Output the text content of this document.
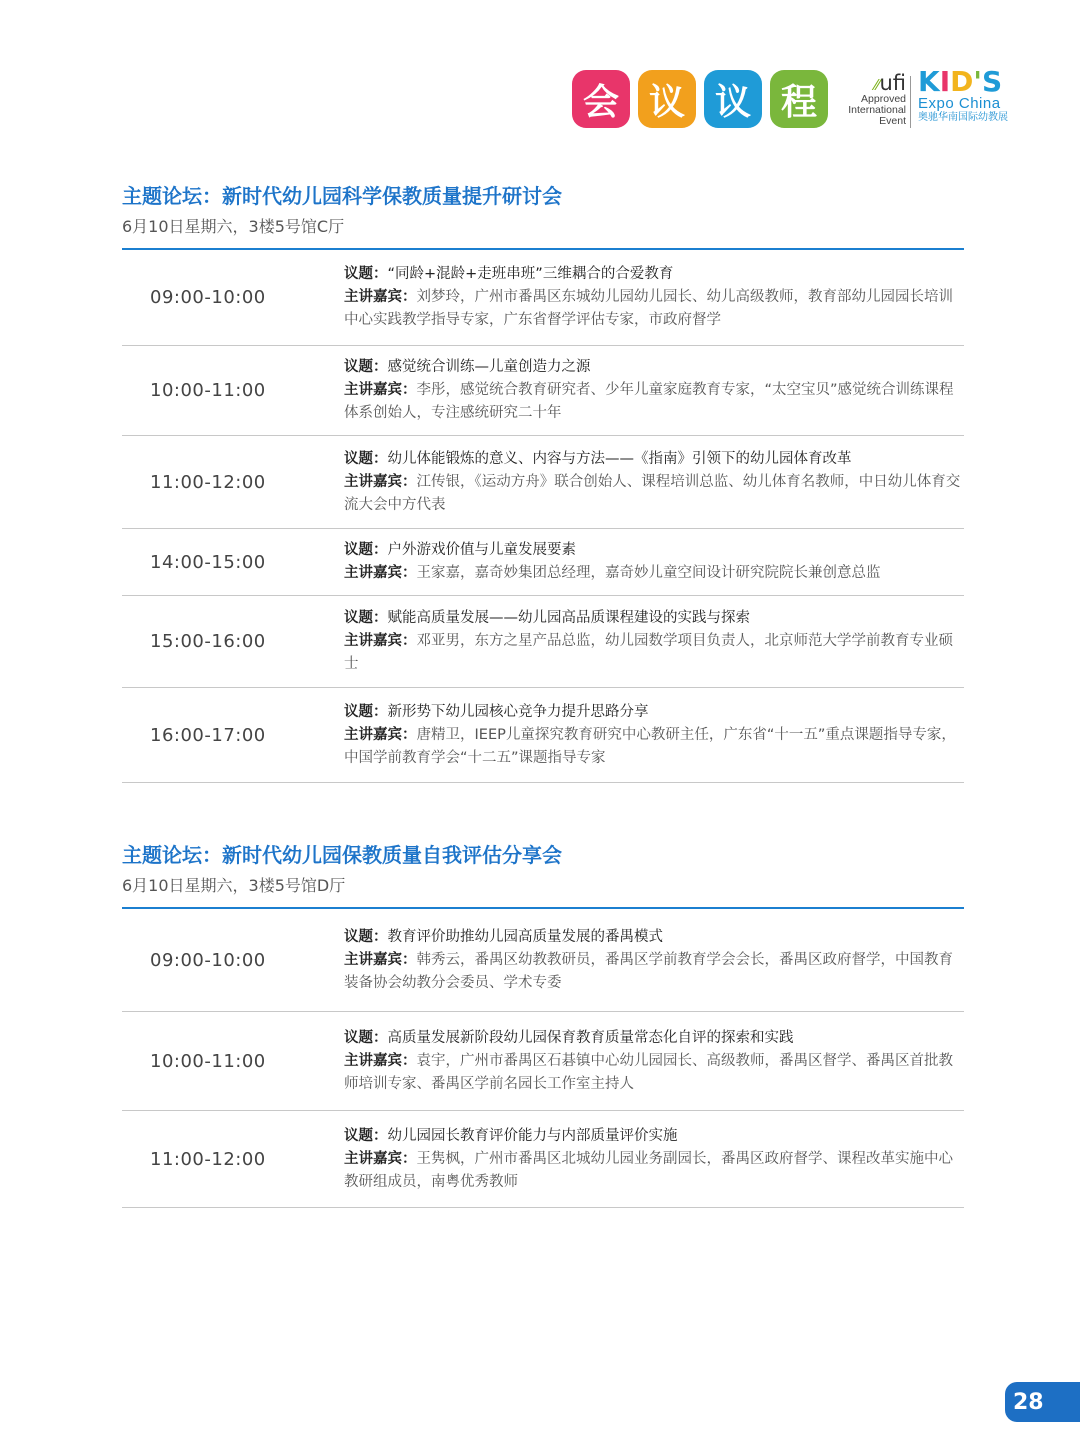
会 议 议 程	⁄⁄ufi
Approved
International
Event
KID'S
Expo China
奥驰华南国际幼教展
主题论坛：新时代幼儿园科学保教质量提升研讨会
6月10日星期六，3楼5号馆C厅
09:00-10:00
议题：“同龄+混龄+走班串班”三维耦合的合爱教育
主讲嘉宾：刘梦玲，广州市番禺区东城幼儿园幼儿园长、幼儿高级教师，教育部幼儿园园长培训中心实践教学指导专家，广东省督学评估专家，市政府督学
10:00-11:00
议题：感觉统合训练—儿童创造力之源
主讲嘉宾：李彤，感觉统合教育研究者、少年儿童家庭教育专家，“太空宝贝”感觉统合训练课程体系创始人，专注感统研究二十年
11:00-12:00
议题：幼儿体能锻炼的意义、内容与方法——《指南》引领下的幼儿园体育改革
主讲嘉宾：江传银，《运动方舟》联合创始人、课程培训总监、幼儿体育名教师，中日幼儿体育交流大会中方代表
14:00-15:00
议题：户外游戏价值与儿童发展要素
主讲嘉宾：王家嘉，嘉奇妙集团总经理，嘉奇妙儿童空间设计研究院院长兼创意总监
15:00-16:00
议题：赋能高质量发展——幼儿园高品质课程建设的实践与探索
主讲嘉宾：邓亚男，东方之星产品总监，幼儿园数学项目负责人，北京师范大学学前教育专业硕士
16:00-17:00
议题：新形势下幼儿园核心竞争力提升思路分享
主讲嘉宾：唐精卫，IEEP儿童探究教育研究中心教研主任，广东省“十一五”重点课题指导专家，中国学前教育学会“十二五”课题指导专家
主题论坛：新时代幼儿园保教质量自我评估分享会
6月10日星期六，3楼5号馆D厅
09:00-10:00
议题：教育评价助推幼儿园高质量发展的番禺模式
主讲嘉宾：韩秀云，番禺区幼教教研员，番禺区学前教育学会会长，番禺区政府督学，中国教育装备协会幼教分会委员、学术专委
10:00-11:00
议题：高质量发展新阶段幼儿园保育教育质量常态化自评的探索和实践
主讲嘉宾：袁宇，广州市番禺区石碁镇中心幼儿园园长、高级教师，番禺区督学、番禺区首批教师培训专家、番禺区学前名园长工作室主持人
11:00-12:00
议题：幼儿园园长教育评价能力与内部质量评价实施
主讲嘉宾：王隽枫，广州市番禺区北城幼儿园业务副园长，番禺区政府督学、课程改革实施中心教研组成员，南粤优秀教师
28
